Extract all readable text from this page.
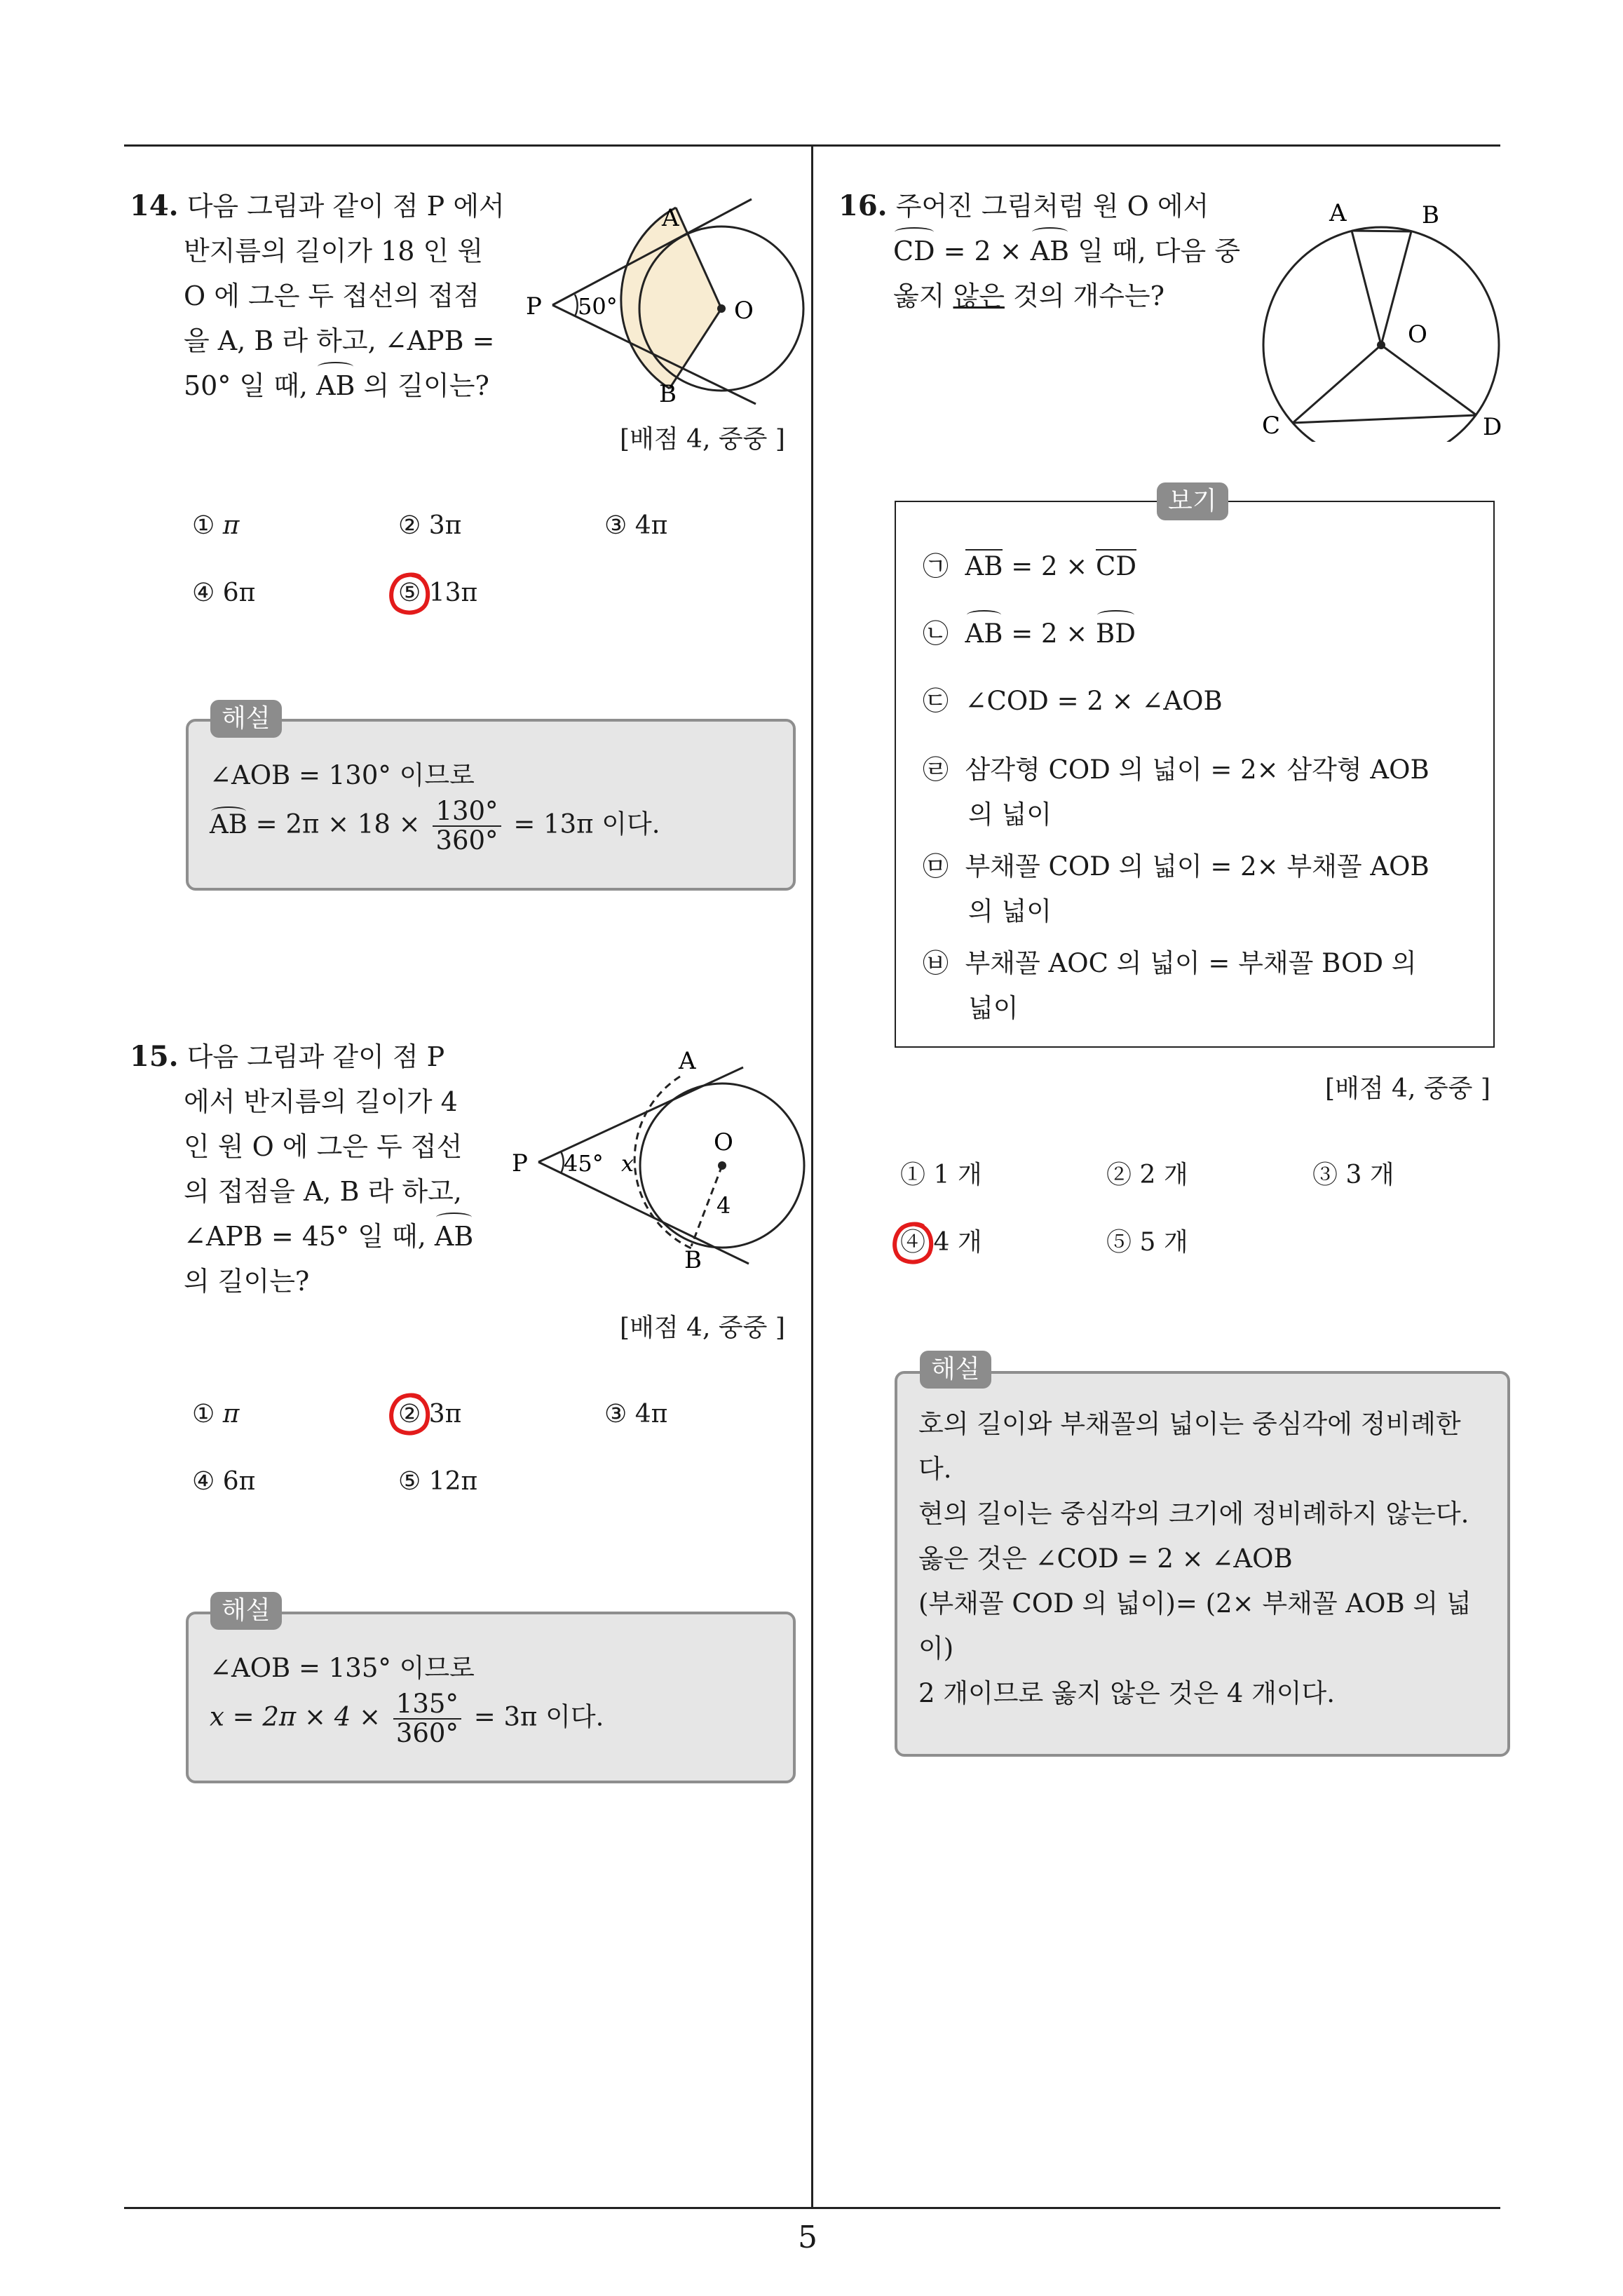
5
14. 다음 그림과 같이 점 P 에서
반지름의 길이가 18 인 원
O 에 그은 두 접선의 접점
을 A, B 라 하고, ∠APB =
50° 일 때, AB 의 길이는?
P 50°
A
B
O
[배점 4, 중중 ]
① π	② 3π	③ 4π
④ 6π	⑤ 13π
∠AOB = 130° 이므로
AB = $2\pi \times 18 \times \frac{130^\circ}{360^\circ} = 13\pi$ 이다.
해설
15. 다음 그림과 같이 점 P
에서 반지름의 길이가 4
인 원 O 에 그은 두 접선
의 접점을 A, B 라 하고,
∠APB = 45° 일 때, AB
의 길이는?
P 45°
A
B
O
x
4
[배점 4, 중중 ]
① π	② 3π	③ 4π
④ 6π	⑤ 12π
∠AOB = 135° 이므로
$x = 2\pi \times 4 \times \frac{135^\circ}{360^\circ} = 3\pi$ 이다.
해설
16. 주어진 그림처럼 원 O 에서
CD = 2 × AB 일 때, 다음 중
옳지 않은 것의 개수는?
A	B
O
C	D
㉠ AB = 2 × CD
㉡ AB = 2 × BD
㉢ ∠COD = 2 × ∠AOB
㉣ 삼각형 COD 의 넓이 = 2× 삼각형 AOB
의 넓이
㉤ 부채꼴 COD 의 넓이 = 2× 부채꼴 AOB
의 넓이
㉥ 부채꼴 AOC 의 넓이 = 부채꼴 BOD 의
넓이
보기
[배점 4, 중중 ]
① 1 개	② 2 개	③ 3 개
④ 4 개	⑤ 5 개
호의 길이와 부채꼴의 넓이는 중심각에 정비례한
다.
현의 길이는 중심각의 크기에 정비례하지 않는다.
옳은 것은 ∠COD = 2 × ∠AOB
(부채꼴 COD 의 넓이)= (2× 부채꼴 AOB 의 넓
이)
2 개이므로 옳지 않은 것은 4 개이다.
해설
